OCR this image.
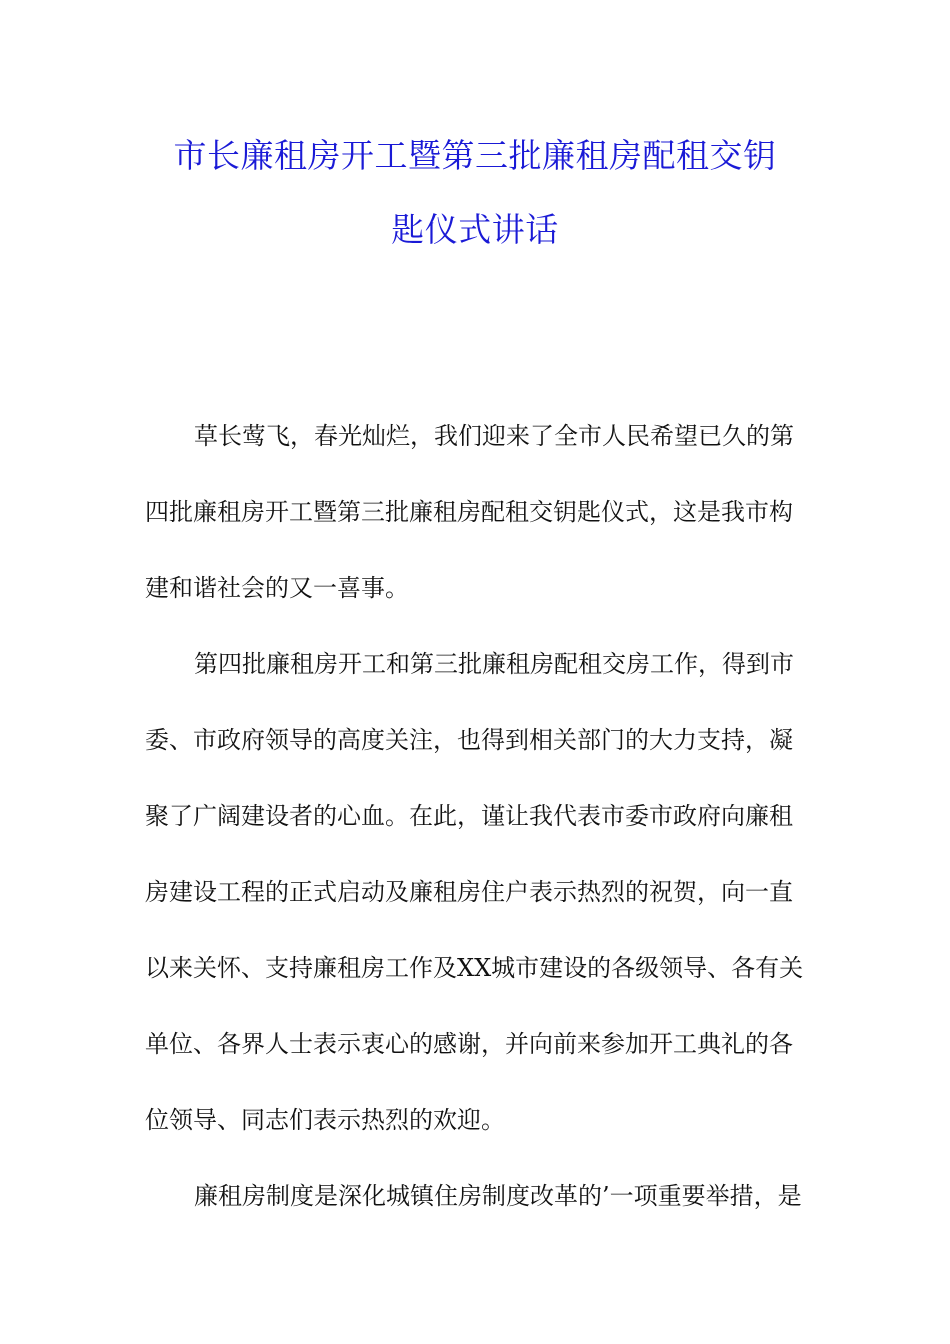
市长廉租房开工暨第三批廉租房配租交钥
匙仪式讲话
草长莺飞，春光灿烂，我们迎来了全市人民希望已久的第
四批廉租房开工暨第三批廉租房配租交钥匙仪式，这是我市构
建和谐社会的又一喜事。
第四批廉租房开工和第三批廉租房配租交房工作，得到市
委、市政府领导的高度关注，也得到相关部门的大力支持，凝
聚了广阔建设者的心血。在此，谨让我代表市委市政府向廉租
房建设工程的正式启动及廉租房住户表示热烈的祝贺，向一直
以来关怀、支持廉租房工作及XX城市建设的各级领导、各有关
单位、各界人士表示衷心的感谢，并向前来参加开工典礼的各
位领导、同志们表示热烈的欢迎。
廉租房制度是深化城镇住房制度改革的’一项重要举措，是
